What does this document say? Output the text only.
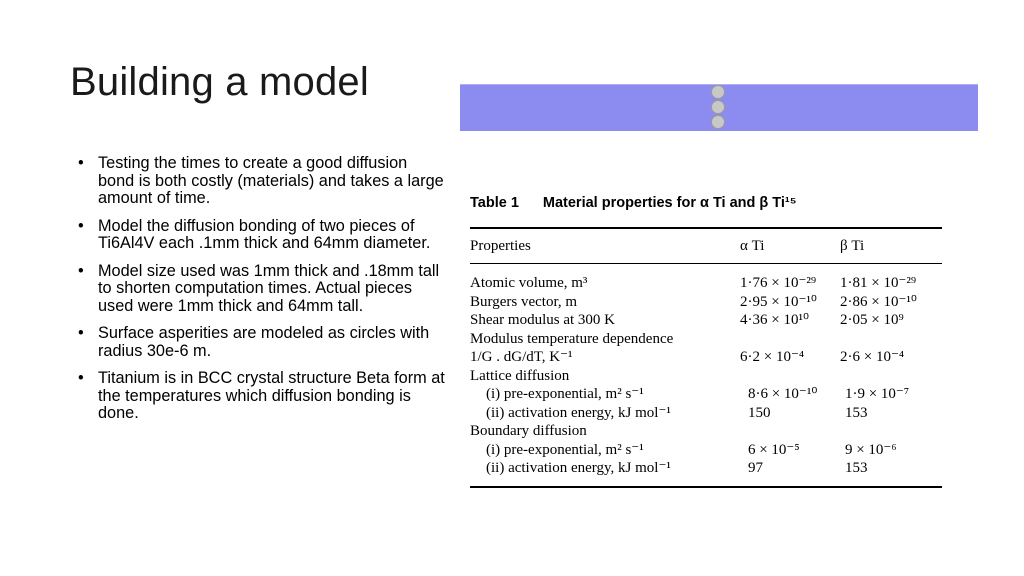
Building a model
• Testing the times to create a good diffusion bond is both costly (materials) and takes a large amount of time.
• Model the diffusion bonding of two pieces of Ti6Al4V each .1mm thick and 64mm diameter.
• Model size used was 1mm thick and .18mm tall to shorten computation times. Actual pieces used were 1mm thick and 64mm tall.
• Surface asperities are modeled as circles with radius 30e-6 m.
• Titanium is in BCC crystal structure Beta form at the temperatures which diffusion bonding is done.
Table 1 Material properties for α Ti and β Ti¹⁵
Properties	α Ti	β Ti
Atomic volume, m³	1·76 × 10⁻²⁹	1·81 × 10⁻²⁹
Burgers vector, m	2·95 × 10⁻¹⁰	2·86 × 10⁻¹⁰
Shear modulus at 300 K	4·36 × 10¹⁰	2·05 × 10⁹
Modulus temperature dependence
1/G . dG/dT, K⁻¹	6·2 × 10⁻⁴	2·6 × 10⁻⁴
Lattice diffusion
(i) pre-exponential, m² s⁻¹	8·6 × 10⁻¹⁰	1·9 × 10⁻⁷
(ii) activation energy, kJ mol⁻¹	150	153
Boundary diffusion
(i) pre-exponential, m² s⁻¹	6 × 10⁻⁵	9 × 10⁻⁶
(ii) activation energy, kJ mol⁻¹	97	153
